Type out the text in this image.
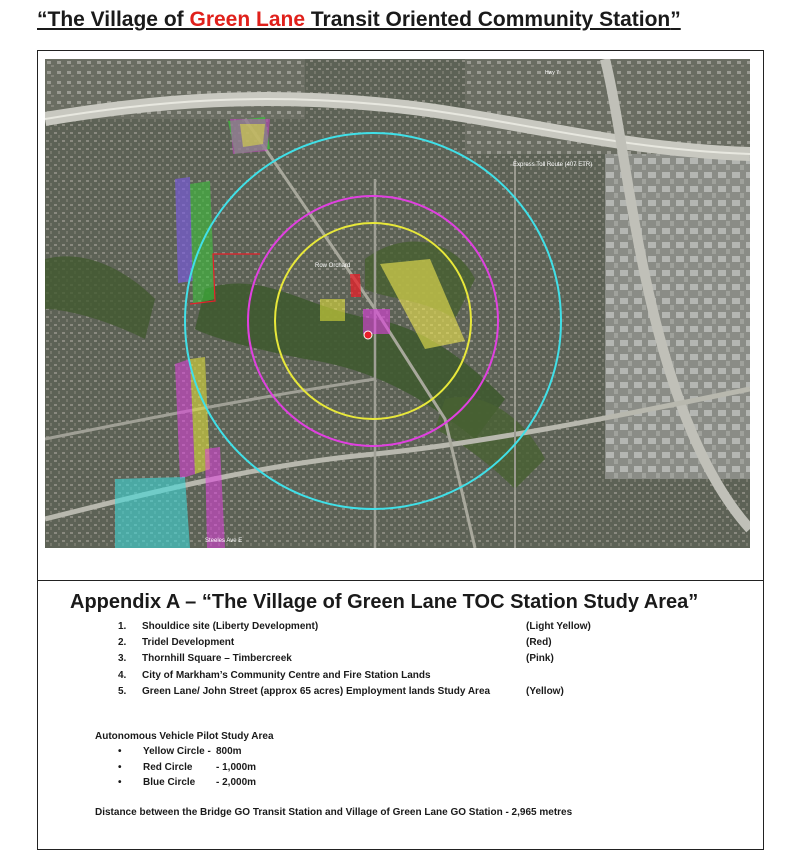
“The Village of Green Lane Transit Oriented Community Station”
Express Toll Route (407 ETR)
Row Orchard
Steeles Ave E
Hwy 7
Appendix A – “The Village of Green Lane TOC Station Study Area”
1.	Shouldice site (Liberty Development)	(Light Yellow)
2.	Tridel Development	(Red)
3.	Thornhill Square – Timbercreek	(Pink)
4.	City of Markham’s Community Centre and Fire Station Lands
5.	Green Lane/ John Street (approx 65 acres) Employment lands Study Area	(Yellow)
Autonomous Vehicle Pilot Study Area
• Yellow Circle - 800m
• Red Circle - 1,000m
• Blue Circle - 2,000m
Distance between the Bridge GO Transit Station and Village of Green Lane GO Station - 2,965 metres
